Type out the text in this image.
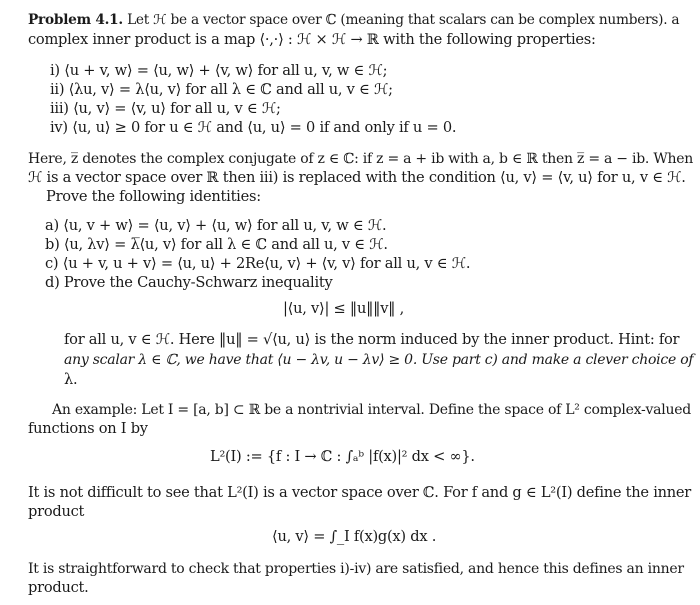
Problem 4.1. Let ℋ be a vector space over ℂ (meaning that scalars can be complex numbers). a
complex inner product is a map ⟨·,·⟩ : ℋ × ℋ → ℝ with the following properties:
i) ⟨u + v, w⟩ = ⟨u, w⟩ + ⟨v, w⟩ for all u, v, w ∈ ℋ;
ii) ⟨λu, v⟩ = λ⟨u, v⟩ for all λ ∈ ℂ and all u, v ∈ ℋ;
iii) ⟨u, v⟩ = ⟨v, u⟩ for all u, v ∈ ℋ;
iv) ⟨u, u⟩ ≥ 0 for u ∈ ℋ and ⟨u, u⟩ = 0 if and only if u = 0.
Here, z̅ denotes the complex conjugate of z ∈ ℂ: if z = a + ib with a, b ∈ ℝ then z̅ = a − ib. When
ℋ is a vector space over ℝ then iii) is replaced with the condition ⟨u, v⟩ = ⟨v, u⟩ for u, v ∈ ℋ.
Prove the following identities:
a) ⟨u, v + w⟩ = ⟨u, v⟩ + ⟨u, w⟩ for all u, v, w ∈ ℋ.
b) ⟨u, λv⟩ = λ̅⟨u, v⟩ for all λ ∈ ℂ and all u, v ∈ ℋ.
c) ⟨u + v, u + v⟩ = ⟨u, u⟩ + 2Re⟨u, v⟩ + ⟨v, v⟩ for all u, v ∈ ℋ.
d) Prove the Cauchy-Schwarz inequality
|⟨u, v⟩| ≤ ‖u‖‖v‖ ,
for all u, v ∈ ℋ. Here ‖u‖ = √⟨u, u⟩ is the norm induced by the inner product. Hint: for
any scalar λ ∈ ℂ, we have that ⟨u − λv, u − λv⟩ ≥ 0. Use part c) and make a clever choice of
λ.
An example: Let I = [a, b] ⊂ ℝ be a nontrivial interval. Define the space of L² complex-valued
functions on I by
L²(I) := {f : I → ℂ : ∫ₐᵇ |f(x)|² dx < ∞}.
It is not difficult to see that L²(I) is a vector space over ℂ. For f and g ∈ L²(I) define the inner
product
⟨u, v⟩ = ∫_I f(x)g(x) dx .
It is straightforward to check that properties i)-iv) are satisfied, and hence this defines an inner
product.
